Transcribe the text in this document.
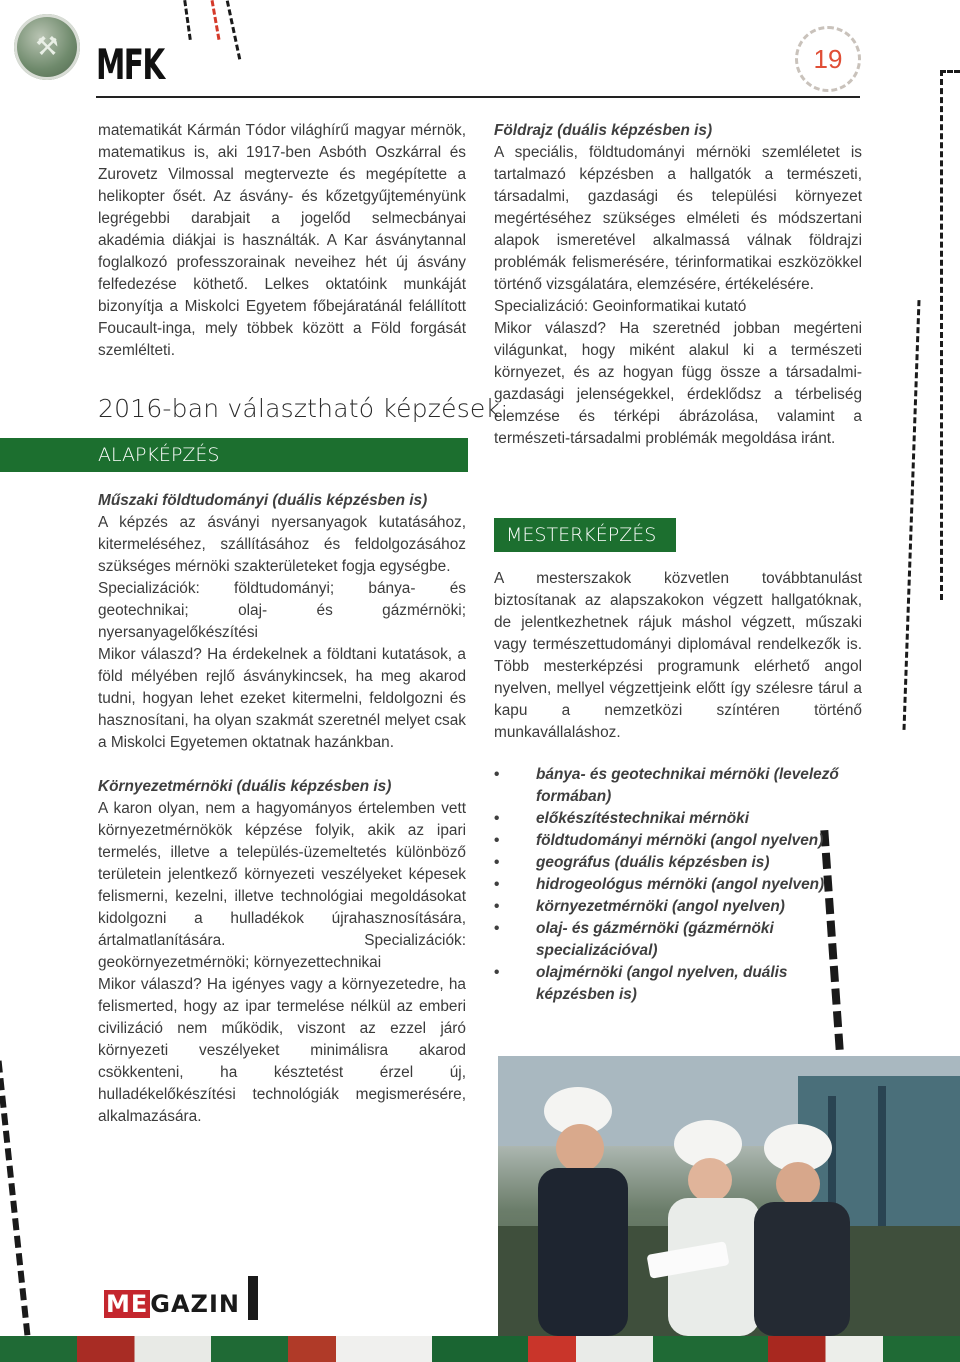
⚒ MFK	19

matematikát Kármán Tódor világhírű magyar mérnök, matematikus is, aki 1917-ben Asbóth Oszkárral és Zurovetz Vilmossal megtervezte és megépítette a helikopter ősét. Az ásvány- és kőzetgyűjteményünk legrégebbi darabjait a jogelőd selmecbányai akadémia diákjai is használták. A Kar ásványtannal foglalkozó professzorainak neveihez hét új ásvány felfedezése köthető. Lelkes oktatóink munkáját bizonyítja a Miskolci Egyetem főbejáratánál felállított Foucault-inga, mely többek között a Föld forgását szemlélteti.

2016-ban választható képzések:
ALAPKÉPZÉS

Műszaki földtudományi (duális képzésben is)

A képzés az ásványi nyersanyagok kutatásához, kitermeléséhez, szállításához és feldolgozásához szükséges mérnöki szakterületeket fogja egységbe.

Specializációk: földtudományi; bánya- és geotechnikai; olaj- és gázmérnöki; nyersanyagelőkészítési

Mikor válaszd? Ha érdekelnek a földtani kutatások, a föld mélyében rejlő ásványkincsek, ha meg akarod tudni, hogyan lehet ezeket kitermelni, feldolgozni és hasznosítani, ha olyan szakmát szeretnél melyet csak a Miskolci Egyetemen oktatnak hazánkban.

Környezetmérnöki (duális képzésben is)

A karon olyan, nem a hagyományos értelemben vett környezetmérnökök képzése folyik, akik az ipari termelés, illetve a település-üzemeltetés különböző területein jelentkező környezeti veszélyeket képesek felismerni, kezelni, illetve technológiai megoldásokat kidolgozni a hulladékok újrahasznosítására, ártalmatlanítására. Specializációk: geokörnyezetmérnöki; környezettechnikai

Mikor válaszd? Ha igényes vagy a környezetedre, ha felismerted, hogy az ipar termelése nélkül az emberi civilizáció nem működik, viszont az ezzel járó környezeti veszélyeket minimálisra akarod csökkenteni, ha késztetést érzel új, hulladékelőkészítési technológiák megismerésére, alkalmazására.

Földrajz (duális képzésben is)

A speciális, földtudományi mérnöki szemléletet is tartalmazó képzésben a hallgatók a természeti, társadalmi, gazdasági és települési környezet megértéséhez szükséges elméleti és módszertani alapok ismeretével alkalmassá válnak földrajzi problémák felismerésére, térinformatikai eszközökkel történő vizsgálatára, elemzésére, értékelésére.

Specializáció: Geoinformatikai kutató

Mikor válaszd? Ha szeretnéd jobban megérteni világunkat, hogy miként alakul ki a természeti környezet, és az hogyan függ össze a társadalmi-gazdasági jelenségekkel, érdeklődsz a térbeliség elemzése és térképi ábrázolása, valamint a természeti-társadalmi problémák megoldása iránt.

MESTERKÉPZÉS

A mesterszakok közvetlen továbbtanulást biztosítanak az alapszakokon végzett hallgatóknak, de jelentkezhetnek rájuk máshol végzett, műszaki vagy természettudományi diplomával rendelkezők is. Több mesterképzési programunk elérhető angol nyelven, mellyel végzettjeink előtt így szélesre tárul a kapu a nemzetközi színtéren történő munkavállaláshoz.

• bánya- és geotechnikai mérnöki (levelező formában)
• előkészítéstechnikai mérnöki
• földtudományi mérnöki (angol nyelven)
• geográfus (duális képzésben is)
• hidrogeológus mérnöki (angol nyelven)
• környezetmérnöki (angol nyelven)
• olaj- és gázmérnöki (gázmérnöki specializációval)
• olajmérnöki (angol nyelven, duális képzésben is)
MEGAZIN
